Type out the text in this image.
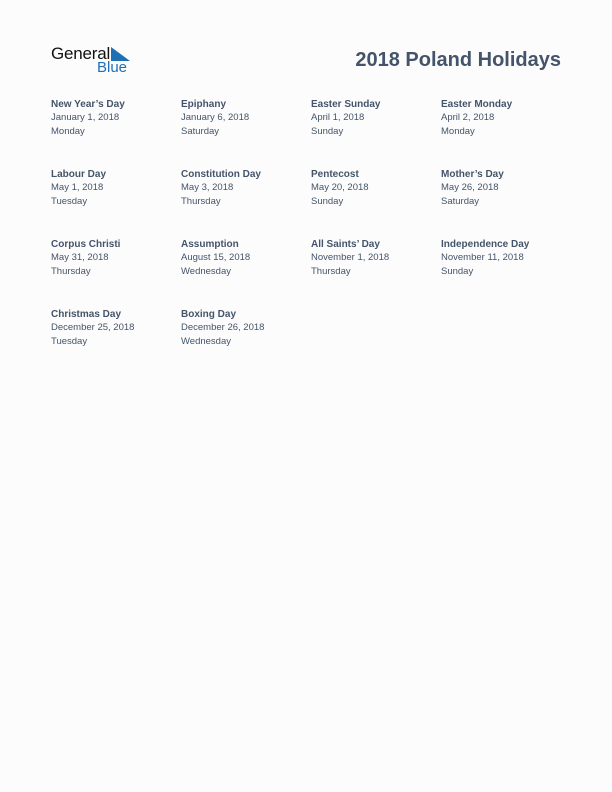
General
Blue	2018 Poland Holidays
New Year’s Day
January 1, 2018
Monday
Epiphany
January 6, 2018
Saturday
Easter Sunday
April 1, 2018
Sunday
Easter Monday
April 2, 2018
Monday
Labour Day
May 1, 2018
Tuesday
Constitution Day
May 3, 2018
Thursday
Pentecost
May 20, 2018
Sunday
Mother’s Day
May 26, 2018
Saturday
Corpus Christi
May 31, 2018
Thursday
Assumption
August 15, 2018
Wednesday
All Saints’ Day
November 1, 2018
Thursday
Independence Day
November 11, 2018
Sunday
Christmas Day
December 25, 2018
Tuesday
Boxing Day
December 26, 2018
Wednesday
